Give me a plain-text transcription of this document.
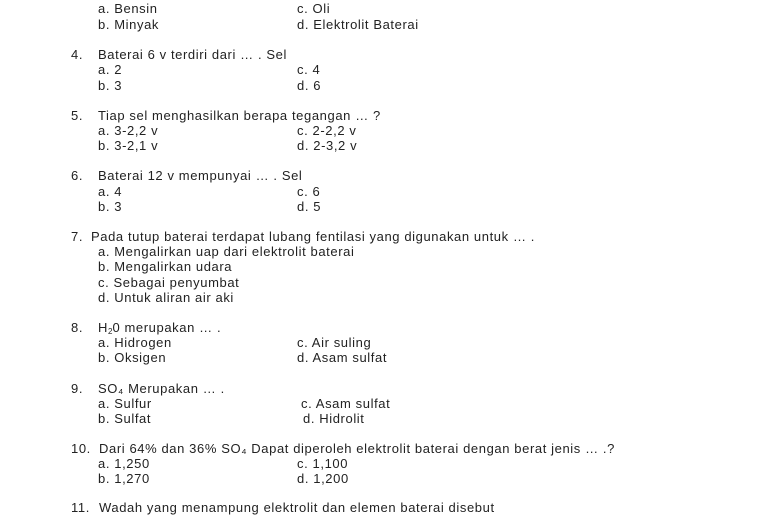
a. Bensin
b. Minyak
c. Oli
d. Elektrolit Baterai
4. Baterai 6 v terdiri dari … . Sel
a. 2
b. 3
c. 4
d. 6
5. Tiap sel menghasilkan berapa tegangan … ?
a. 3-2,2 v
b. 3-2,1 v
c. 2-2,2 v
d. 2-3,2 v
6. Baterai 12 v mempunyai … . Sel
a. 4
b. 3
c. 6
d. 5
7. Pada tutup baterai terdapat lubang fentilasi yang digunakan untuk … .
a. Mengalirkan uap dari elektrolit baterai
b. Mengalirkan udara
c. Sebagai penyumbat
d. Untuk aliran air aki
8. $H_20$ merupakan … .
a. Hidrogen
b. Oksigen
c. Air suling
d. Asam sulfat
9. SO₄ Merupakan … .
a. Sulfur
b. Sulfat
c. Asam sulfat
d. Hidrolit
10. Dari 64% dan 36% SO₄ Dapat diperoleh elektrolit baterai dengan berat jenis … .?
a. 1,250
b. 1,270
c. 1,100
d. 1,200
11. Wadah yang menampung elektrolit dan elemen baterai disebut
